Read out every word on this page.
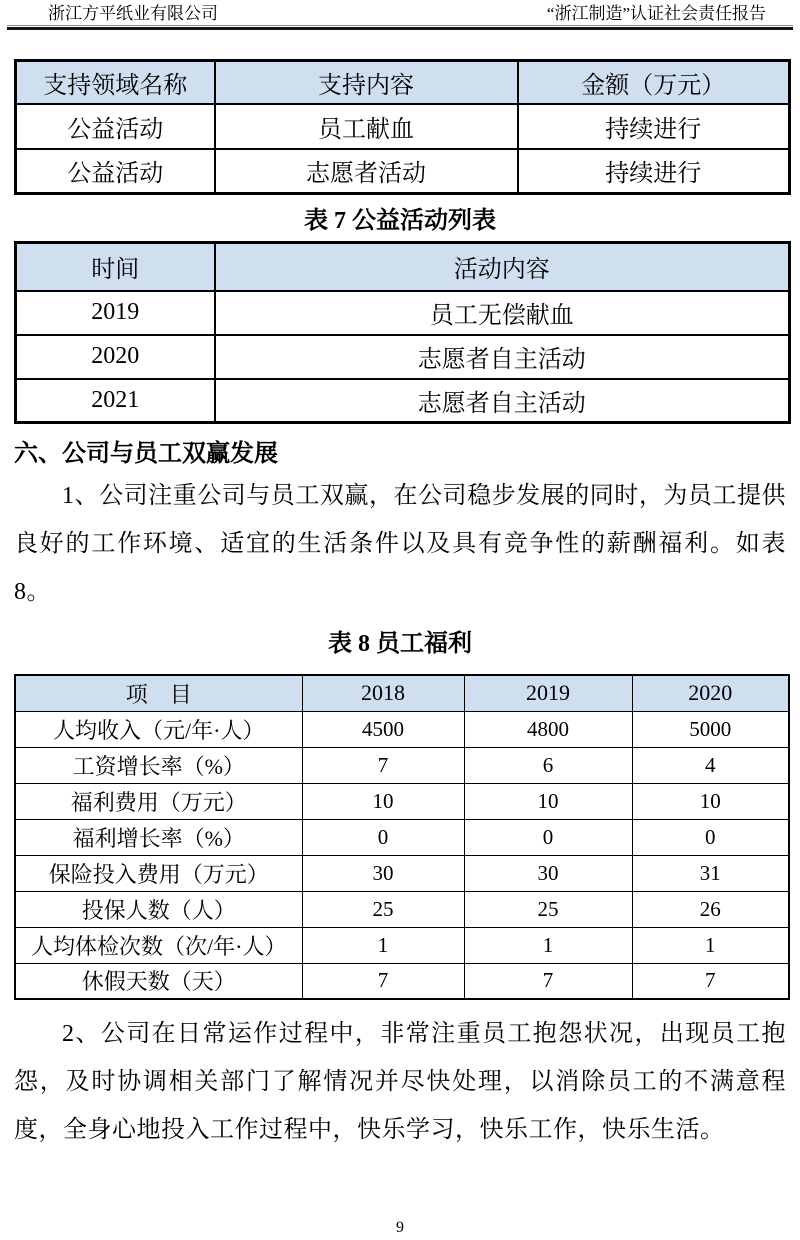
浙江方平纸业有限公司	“浙江制造”认证社会责任报告
支持领域名称	支持内容	金额（万元）
公益活动	员工献血	持续进行
公益活动	志愿者活动	持续进行
表 7 公益活动列表
时间	活动内容
2019	员工无偿献血
2020	志愿者自主活动
2021	志愿者自主活动
六、公司与员工双赢发展

1、公司注重公司与员工双赢，在公司稳步发展的同时，为员工提供良好的工作环境、适宜的生活条件以及具有竞争性的薪酬福利。如表 8。

表 8 员工福利
项　目	2018	2019	2020
人均收入（元/年·人）	4500	4800	5000
工资增长率（%）	7	6	4
福利费用（万元）	10	10	10
福利增长率（%）	0	0	0
保险投入费用（万元）	30	30	31
投保人数（人）	25	25	26
人均体检次数（次/年·人）	1	1	1
休假天数（天）	7	7	7

2、公司在日常运作过程中，非常注重员工抱怨状况，出现员工抱怨，及时协调相关部门了解情况并尽快处理，以消除员工的不满意程度，全身心地投入工作过程中，快乐学习，快乐工作，快乐生活。

9
